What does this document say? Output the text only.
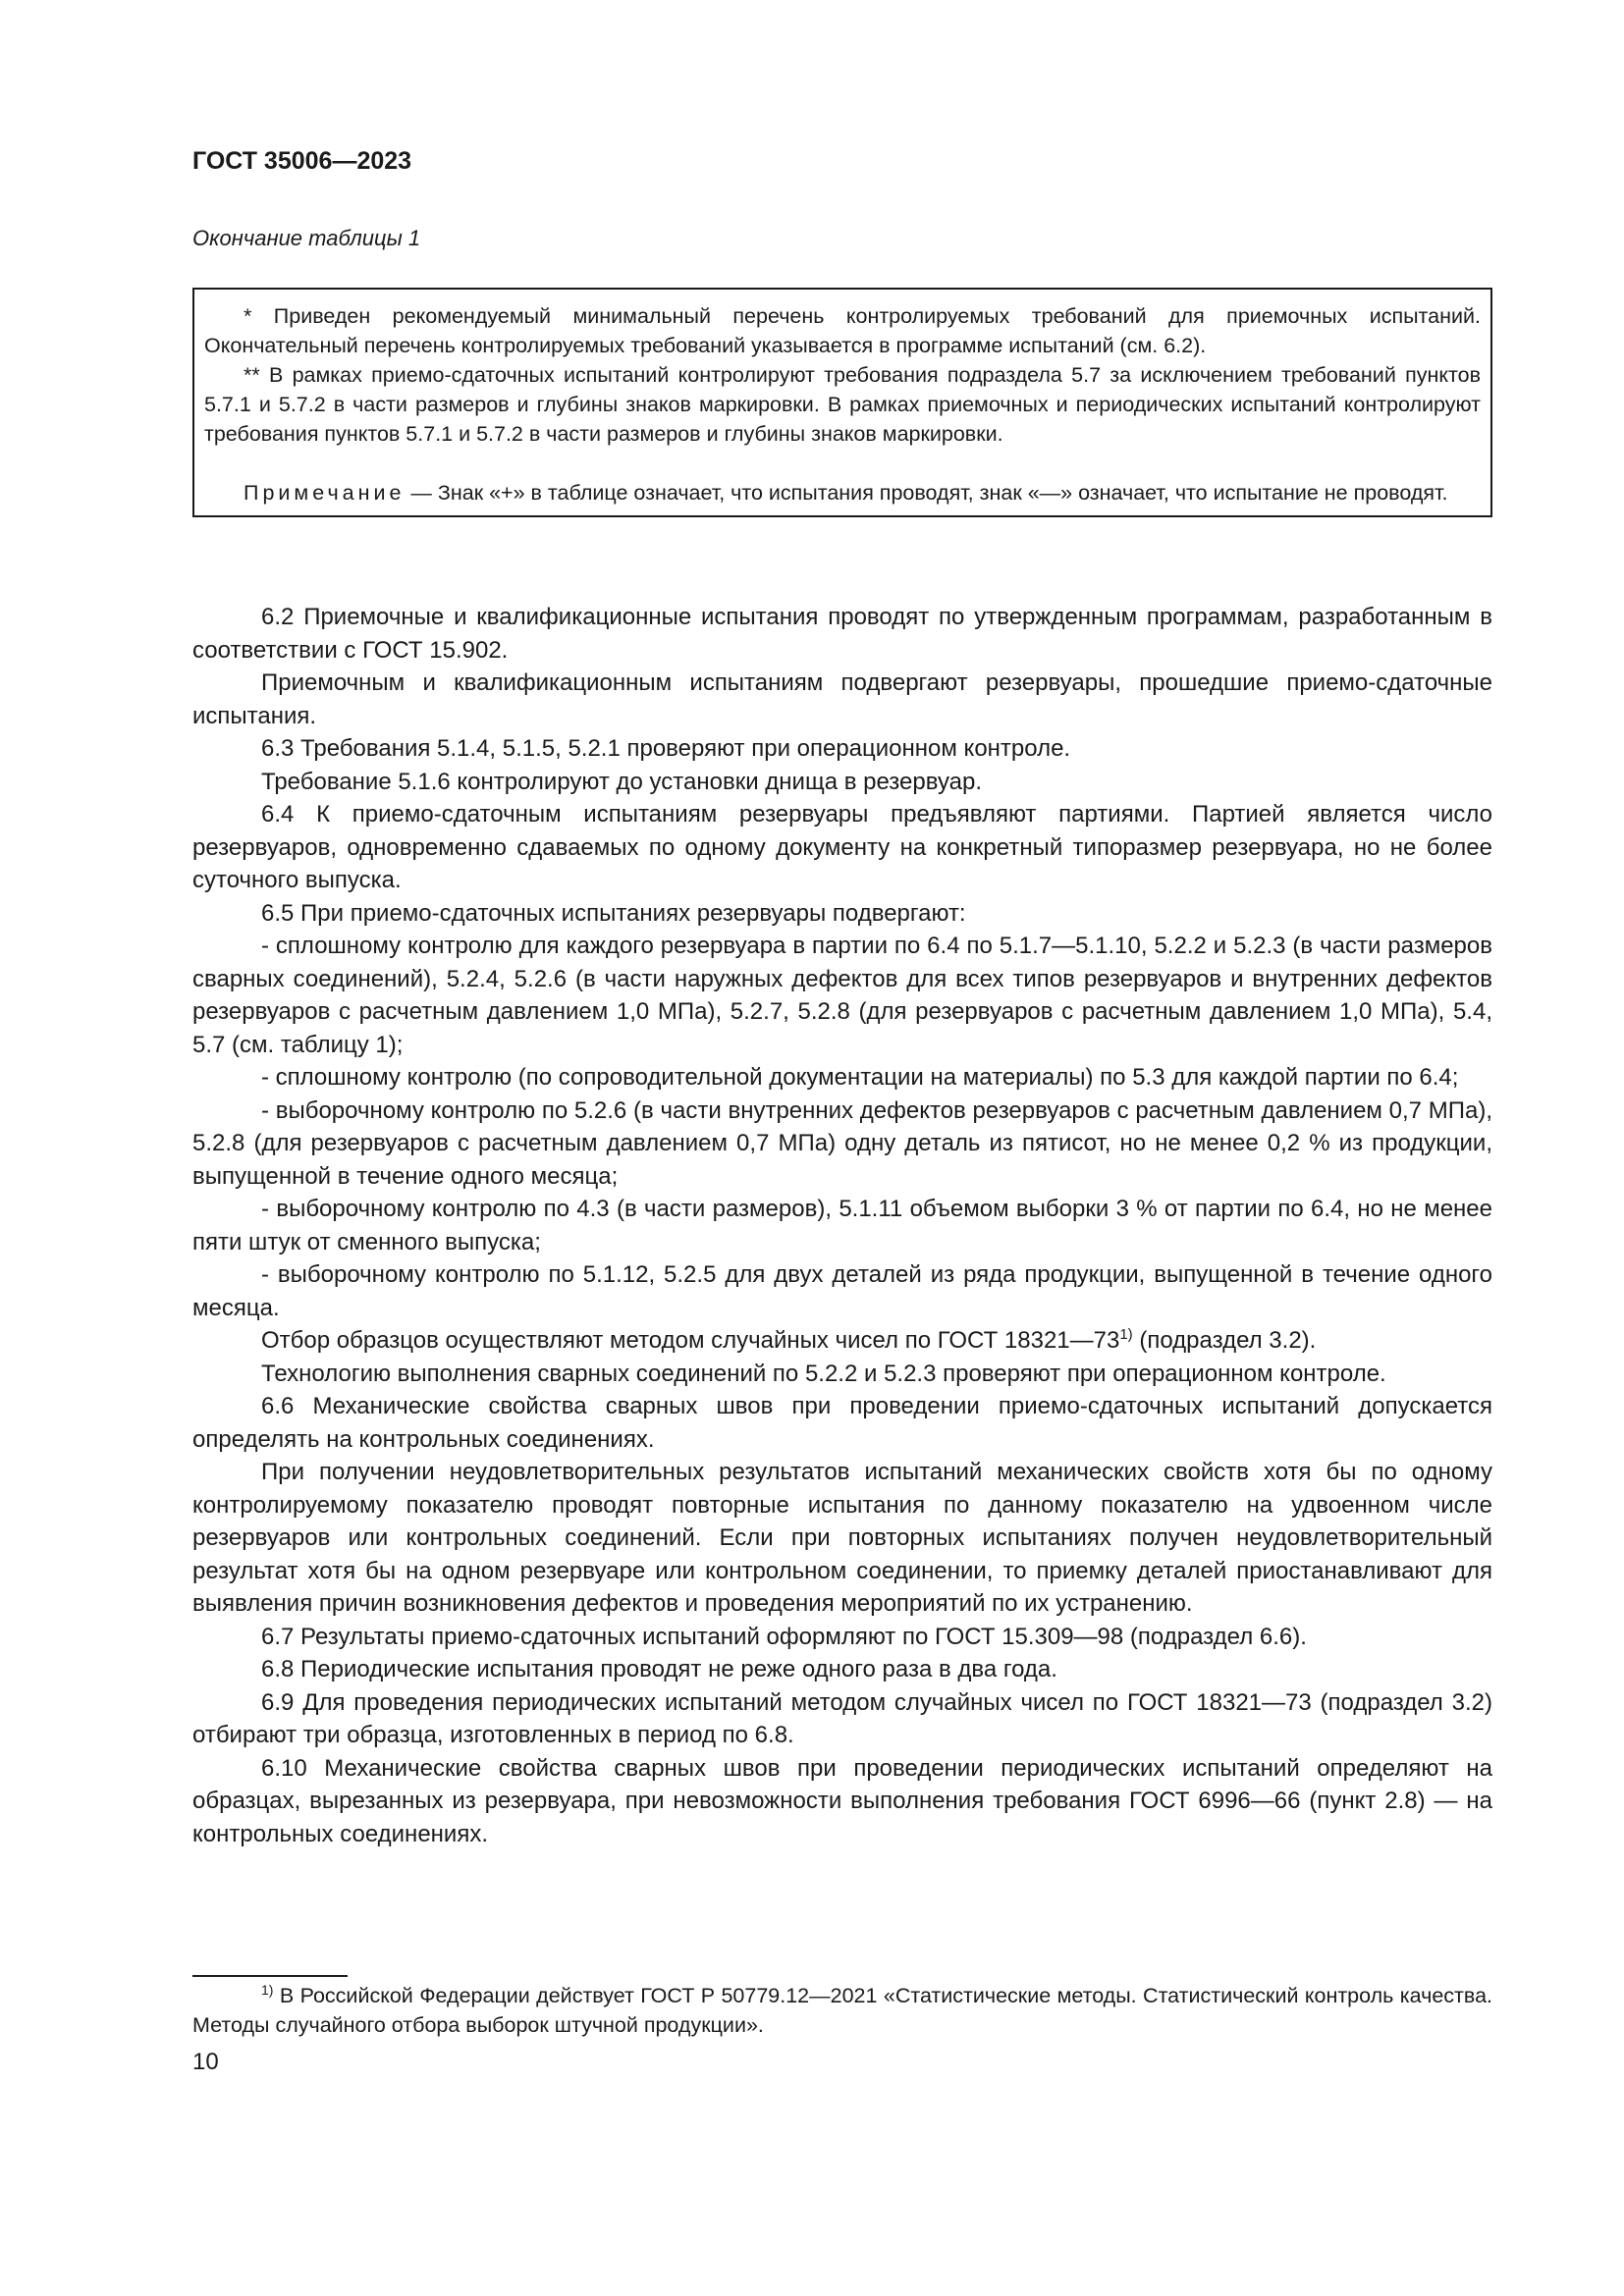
ГОСТ 35006—2023
Окончание таблицы 1

* Приведен рекомендуемый минимальный перечень контролируемых требований для приемочных испытаний. Окончательный перечень контролируемых требований указывается в программе испытаний (см. 6.2).

** В рамках приемо-сдаточных испытаний контролируют требования подраздела 5.7 за исключением требований пунктов 5.7.1 и 5.7.2 в части размеров и глубины знаков маркировки. В рамках приемочных и периодических испытаний контролируют требования пунктов 5.7.1 и 5.7.2 в части размеров и глубины знаков маркировки.

Примечание — Знак «+» в таблице означает, что испытания проводят, знак «—» означает, что испытание не проводят.

6.2 Приемочные и квалификационные испытания проводят по утвержденным программам, разработанным в соответствии с ГОСТ 15.902.

Приемочным и квалификационным испытаниям подвергают резервуары, прошедшие приемо-сдаточные испытания.

6.3 Требования 5.1.4, 5.1.5, 5.2.1 проверяют при операционном контроле.

Требование 5.1.6 контролируют до установки днища в резервуар.

6.4 К приемо-сдаточным испытаниям резервуары предъявляют партиями. Партией является число резервуаров, одновременно сдаваемых по одному документу на конкретный типоразмер резервуара, но не более суточного выпуска.

6.5 При приемо-сдаточных испытаниях резервуары подвергают:

- сплошному контролю для каждого резервуара в партии по 6.4 по 5.1.7—5.1.10, 5.2.2 и 5.2.3 (в части размеров сварных соединений), 5.2.4, 5.2.6 (в части наружных дефектов для всех типов резервуаров и внутренних дефектов резервуаров с расчетным давлением 1,0 МПа), 5.2.7, 5.2.8 (для резервуаров с расчетным давлением 1,0 МПа), 5.4, 5.7 (см. таблицу 1);

- сплошному контролю (по сопроводительной документации на материалы) по 5.3 для каждой партии по 6.4;

- выборочному контролю по 5.2.6 (в части внутренних дефектов резервуаров с расчетным давлением 0,7 МПа), 5.2.8 (для резервуаров с расчетным давлением 0,7 МПа) одну деталь из пятисот, но не менее 0,2 % из продукции, выпущенной в течение одного месяца;

- выборочному контролю по 4.3 (в части размеров), 5.1.11 объемом выборки 3 % от партии по 6.4, но не менее пяти штук от сменного выпуска;

- выборочному контролю по 5.1.12, 5.2.5 для двух деталей из ряда продукции, выпущенной в течение одного месяца.

Отбор образцов осуществляют методом случайных чисел по ГОСТ 18321—73$^{1)}$ (подраздел 3.2).

Технологию выполнения сварных соединений по 5.2.2 и 5.2.3 проверяют при операционном контроле.

6.6 Механические свойства сварных швов при проведении приемо-сдаточных испытаний допускается определять на контрольных соединениях.

При получении неудовлетворительных результатов испытаний механических свойств хотя бы по одному контролируемому показателю проводят повторные испытания по данному показателю на удвоенном числе резервуаров или контрольных соединений. Если при повторных испытаниях получен неудовлетворительный результат хотя бы на одном резервуаре или контрольном соединении, то приемку деталей приостанавливают для выявления причин возникновения дефектов и проведения мероприятий по их устранению.

6.7 Результаты приемо-сдаточных испытаний оформляют по ГОСТ 15.309—98 (подраздел 6.6).

6.8 Периодические испытания проводят не реже одного раза в два года.

6.9 Для проведения периодических испытаний методом случайных чисел по ГОСТ 18321—73 (подраздел 3.2) отбирают три образца, изготовленных в период по 6.8.

6.10 Механические свойства сварных швов при проведении периодических испытаний определяют на образцах, вырезанных из резервуара, при невозможности выполнения требования ГОСТ 6996—66 (пункт 2.8) — на контрольных соединениях.

$^{1)}$ В Российской Федерации действует ГОСТ Р 50779.12—2021 «Статистические методы. Статистический контроль качества. Методы случайного отбора выборок штучной продукции».

10
